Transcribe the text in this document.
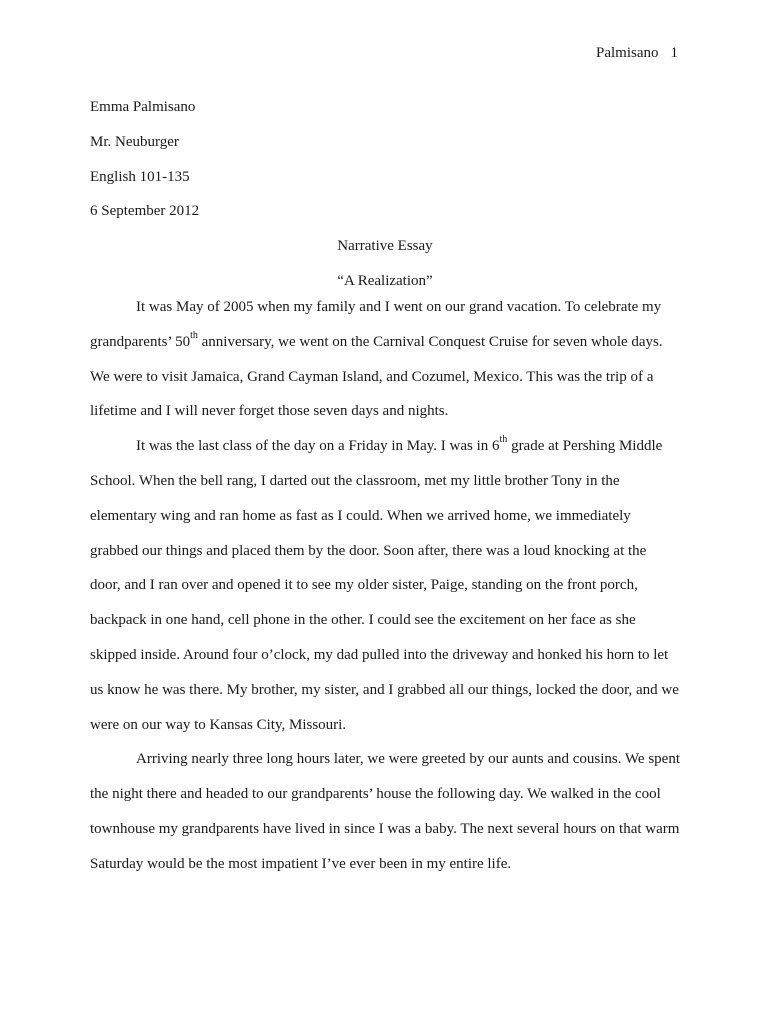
Palmisano 1
Emma Palmisano
Mr. Neuburger
English 101-135
6 September 2012
Narrative Essay
“A Realization”

It was May of 2005 when my family and I went on our grand vacation. To celebrate my grandparents’ 50th anniversary, we went on the Carnival Conquest Cruise for seven whole days. We were to visit Jamaica, Grand Cayman Island, and Cozumel, Mexico. This was the trip of a lifetime and I will never forget those seven days and nights.

It was the last class of the day on a Friday in May. I was in 6th grade at Pershing Middle School. When the bell rang, I darted out the classroom, met my little brother Tony in the elementary wing and ran home as fast as I could. When we arrived home, we immediately grabbed our things and placed them by the door. Soon after, there was a loud knocking at the door, and I ran over and opened it to see my older sister, Paige, standing on the front porch, backpack in one hand, cell phone in the other. I could see the excitement on her face as she skipped inside. Around four o’clock, my dad pulled into the driveway and honked his horn to let us know he was there. My brother, my sister, and I grabbed all our things, locked the door, and we were on our way to Kansas City, Missouri.

Arriving nearly three long hours later, we were greeted by our aunts and cousins. We spent the night there and headed to our grandparents’ house the following day. We walked in the cool townhouse my grandparents have lived in since I was a baby. The next several hours on that warm Saturday would be the most impatient I’ve ever been in my entire life.
